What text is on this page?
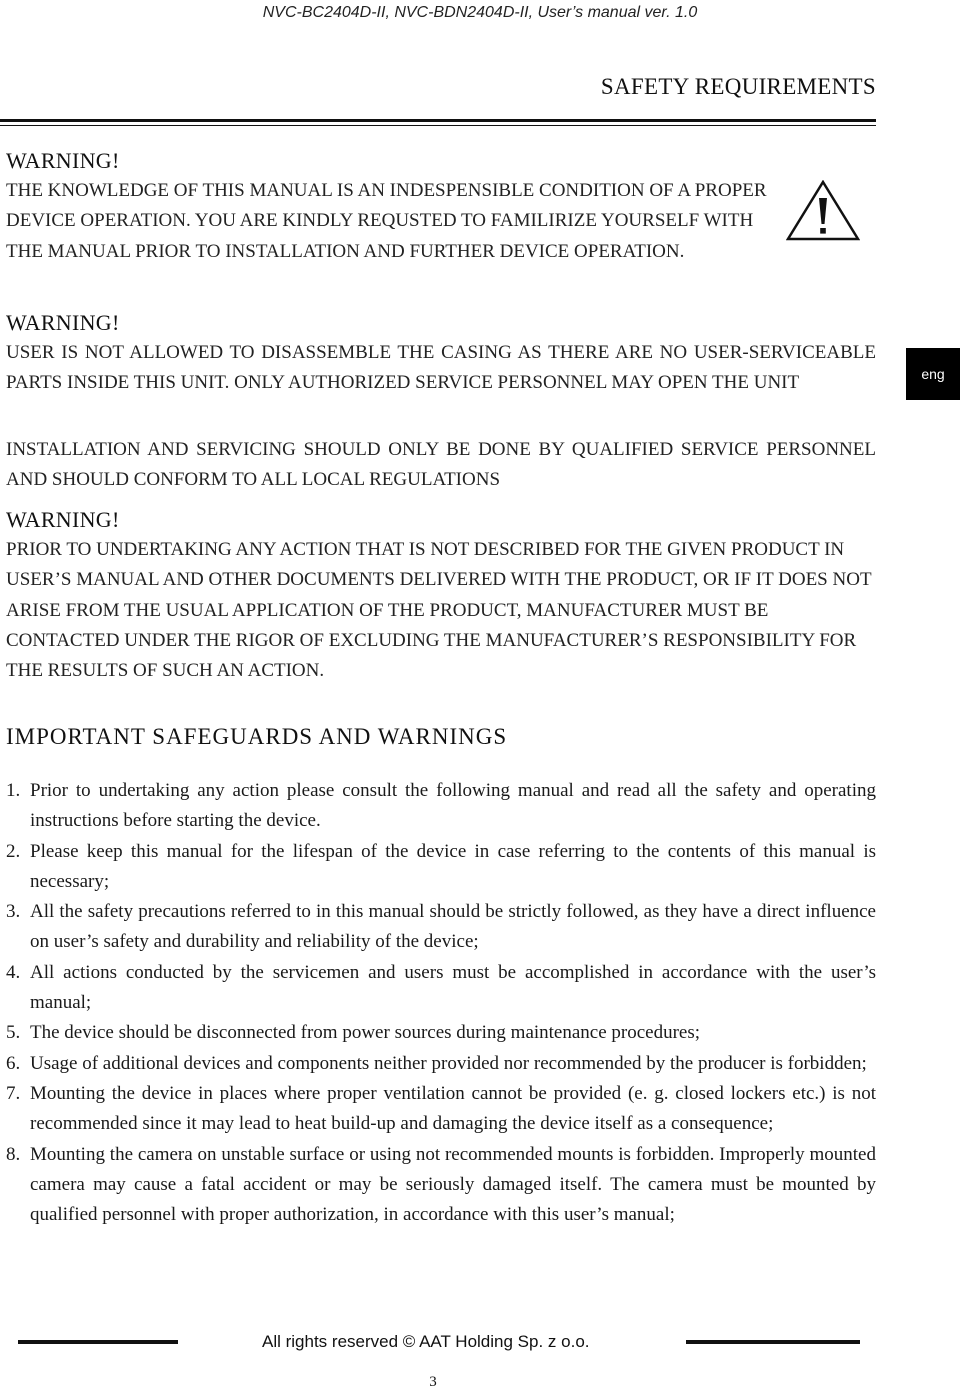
NVC-BC2404D-II, NVC-BDN2404D-II, User’s manual ver. 1.0
SAFETY REQUIREMENTS
eng
WARNING!
THE KNOWLEDGE OF THIS MANUAL IS AN INDESPENSIBLE CONDITION OF A PROPER DEVICE OPERATION. YOU ARE KINDLY REQUSTED TO FAMILIRIZE YOURSELF WITH THE MANUAL PRIOR TO INSTALLATION AND FURTHER DEVICE OPERATION.
WARNING!
USER IS NOT ALLOWED TO DISASSEMBLE THE CASING AS THERE ARE NO USER-SERVICEABLE PARTS INSIDE THIS UNIT. ONLY AUTHORIZED SERVICE PERSONNEL MAY OPEN THE UNIT
INSTALLATION AND SERVICING SHOULD ONLY BE DONE BY QUALIFIED SERVICE PERSONNEL AND SHOULD CONFORM TO ALL LOCAL REGULATIONS
WARNING!
PRIOR TO UNDERTAKING ANY ACTION THAT IS NOT DESCRIBED FOR THE GIVEN PRODUCT IN USER’S MANUAL AND OTHER DOCUMENTS DELIVERED WITH THE PRODUCT, OR IF IT DOES NOT ARISE FROM THE USUAL APPLICATION OF THE PRODUCT, MANUFACTURER MUST BE CONTACTED UNDER THE RIGOR OF EXCLUDING THE MANUFACTURER’S RESPONSIBILITY FOR THE RESULTS OF SUCH AN ACTION.
IMPORTANT SAFEGUARDS AND WARNINGS
1. Prior to undertaking any action please consult the following manual and read all the safety and operating instructions before starting the device.
2. Please keep this manual for the lifespan of the device in case referring to the contents of this manual is necessary;
3. All the safety precautions referred to in this manual should be strictly followed, as they have a direct influence on user’s safety and durability and reliability of the device;
4. All actions conducted by the servicemen and users must be accomplished in accordance with the user’s manual;
5. The device should be disconnected from power sources during maintenance procedures;
6. Usage of additional devices and components neither provided nor recommended by the producer is forbidden;
7. Mounting the device in places where proper ventilation cannot be provided (e. g. closed lockers etc.) is not recommended since it may lead to heat build-up and damaging the device itself as a consequence;
8. Mounting the camera on unstable surface or using not recommended mounts is forbidden. Improperly mounted camera may cause a fatal accident or may be seriously damaged itself. The camera must be mounted by qualified personnel with proper authorization, in accordance with this user’s manual;
All rights reserved © AAT Holding Sp. z o.o.
3
